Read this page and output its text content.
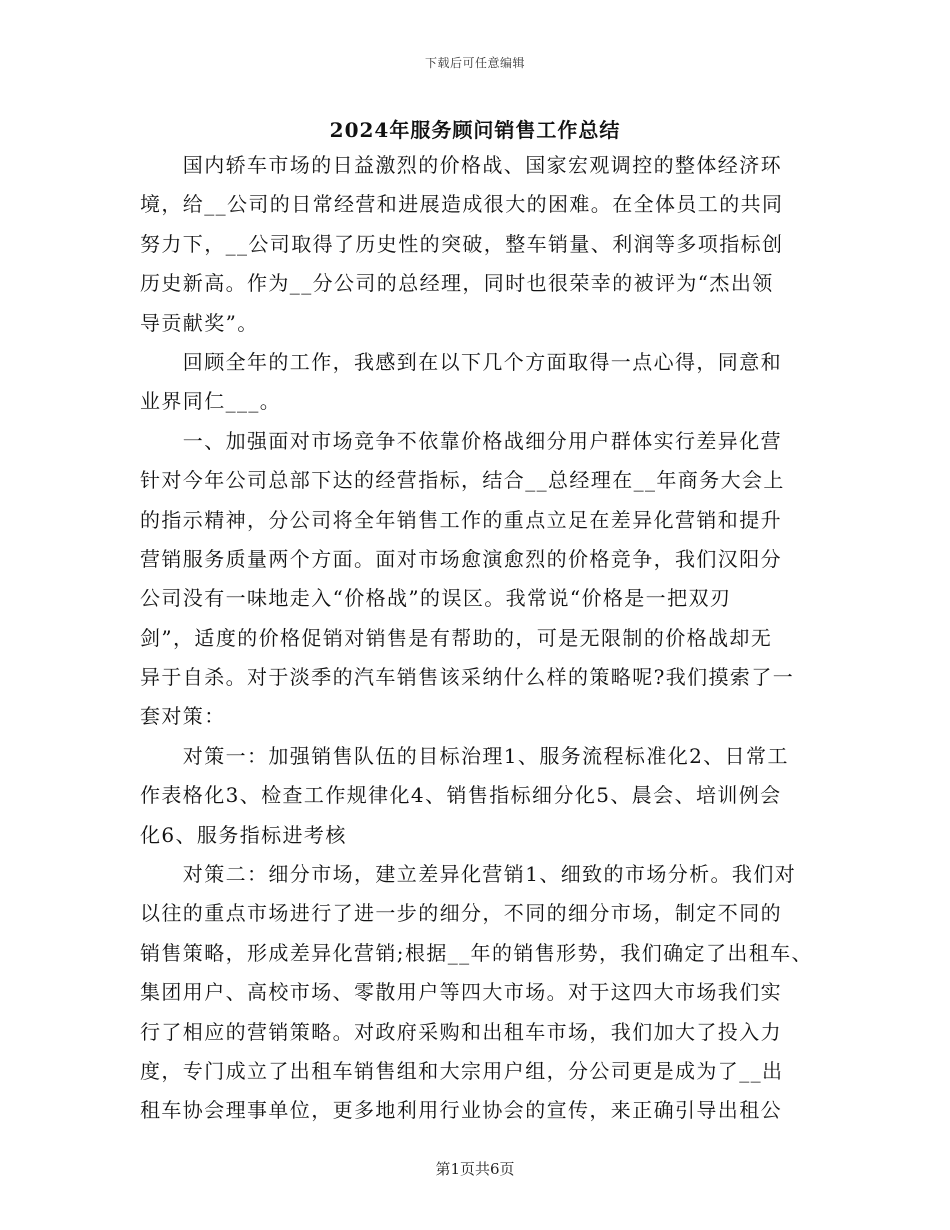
下载后可任意编辑
2024年服务顾问销售工作总结
　　国内轿车市场的日益激烈的价格战、国家宏观调控的整体经济环
境，给__公司的日常经营和进展造成很大的困难。在全体员工的共同
努力下，__公司取得了历史性的突破，整车销量、利润等多项指标创
历史新高。作为__分公司的总经理，同时也很荣幸的被评为“杰出领
导贡献奖”。
　　回顾全年的工作，我感到在以下几个方面取得一点心得，同意和
业界同仁___。
　　一、加强面对市场竞争不依靠价格战细分用户群体实行差异化营
针对今年公司总部下达的经营指标，结合__总经理在__年商务大会上
的指示精神，分公司将全年销售工作的重点立足在差异化营销和提升
营销服务质量两个方面。面对市场愈演愈烈的价格竞争，我们汉阳分
公司没有一味地走入“价格战”的误区。我常说“价格是一把双刃
剑”，适度的价格促销对销售是有帮助的，可是无限制的价格战却无
异于自杀。对于淡季的汽车销售该采纳什么样的策略呢?我们摸索了一
套对策：
　　对策一：加强销售队伍的目标治理1、服务流程标准化2、日常工
作表格化3、检查工作规律化4、销售指标细分化5、晨会、培训例会
化6、服务指标进考核
　　对策二：细分市场，建立差异化营销1、细致的市场分析。我们对
以往的重点市场进行了进一步的细分，不同的细分市场，制定不同的
销售策略，形成差异化营销;根据__年的销售形势，我们确定了出租车、
集团用户、高校市场、零散用户等四大市场。对于这四大市场我们实
行了相应的营销策略。对政府采购和出租车市场，我们加大了投入力
度，专门成立了出租车销售组和大宗用户组，分公司更是成为了__出
租车协会理事单位，更多地利用行业协会的宣传，来正确引导出租公
第1页共6页
